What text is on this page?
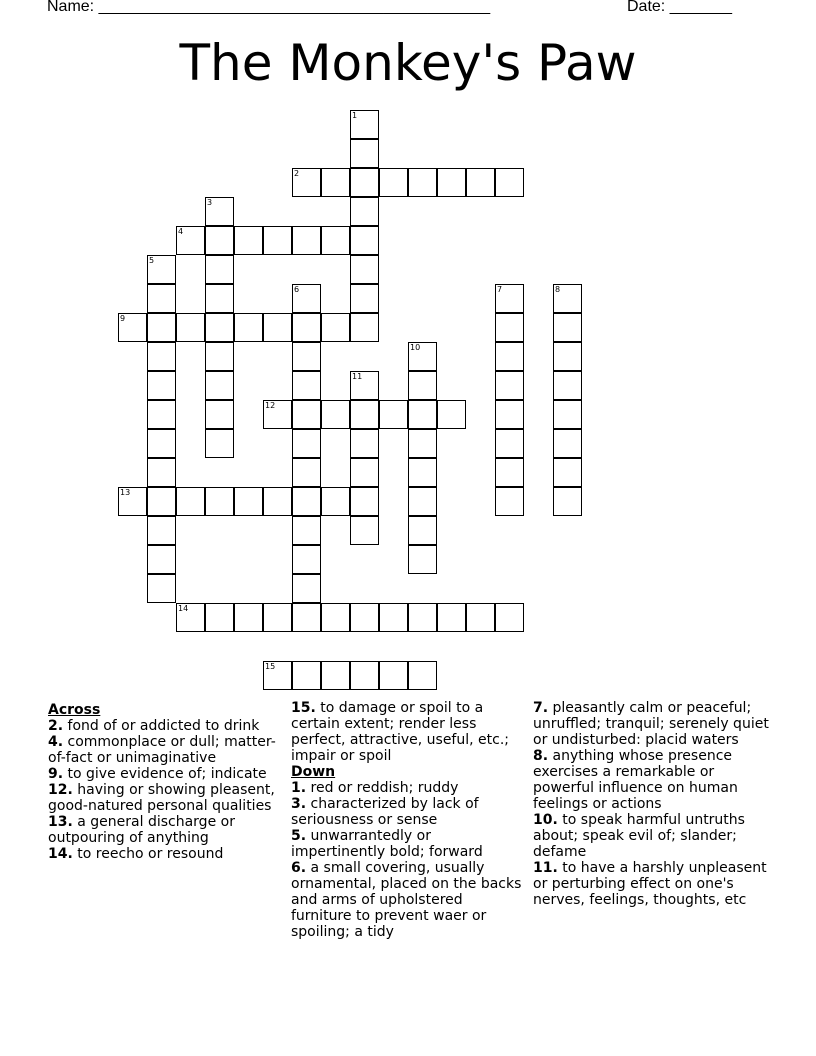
Name: ____________________________________________	Date: _______
The Monkey's Paw
1
2
3
4
5
6	7	8
9
10
11
12
13
14
15
Across
2. fond of or addicted to drink
4. commonplace or dull; matter-of-fact or unimaginative
9. to give evidence of; indicate
12. having or showing pleasent, good-natured personal qualities
13. a general discharge or outpouring of anything
14. to reecho or resound
15. to damage or spoil to a certain extent; render less perfect, attractive, useful, etc.; impair or spoil
Down
1. red or reddish; ruddy
3. characterized by lack of seriousness or sense
5. unwarrantedly or impertinently bold; forward
6. a small covering, usually ornamental, placed on the backs and arms of upholstered furniture to prevent waer or spoiling; a tidy
7. pleasantly calm or peaceful; unruffled; tranquil; serenely quiet or undisturbed: placid waters
8. anything whose presence exercises a remarkable or powerful influence on human feelings or actions
10. to speak harmful untruths about; speak evil of; slander; defame
11. to have a harshly unpleasent or perturbing effect on one's nerves, feelings, thoughts, etc
